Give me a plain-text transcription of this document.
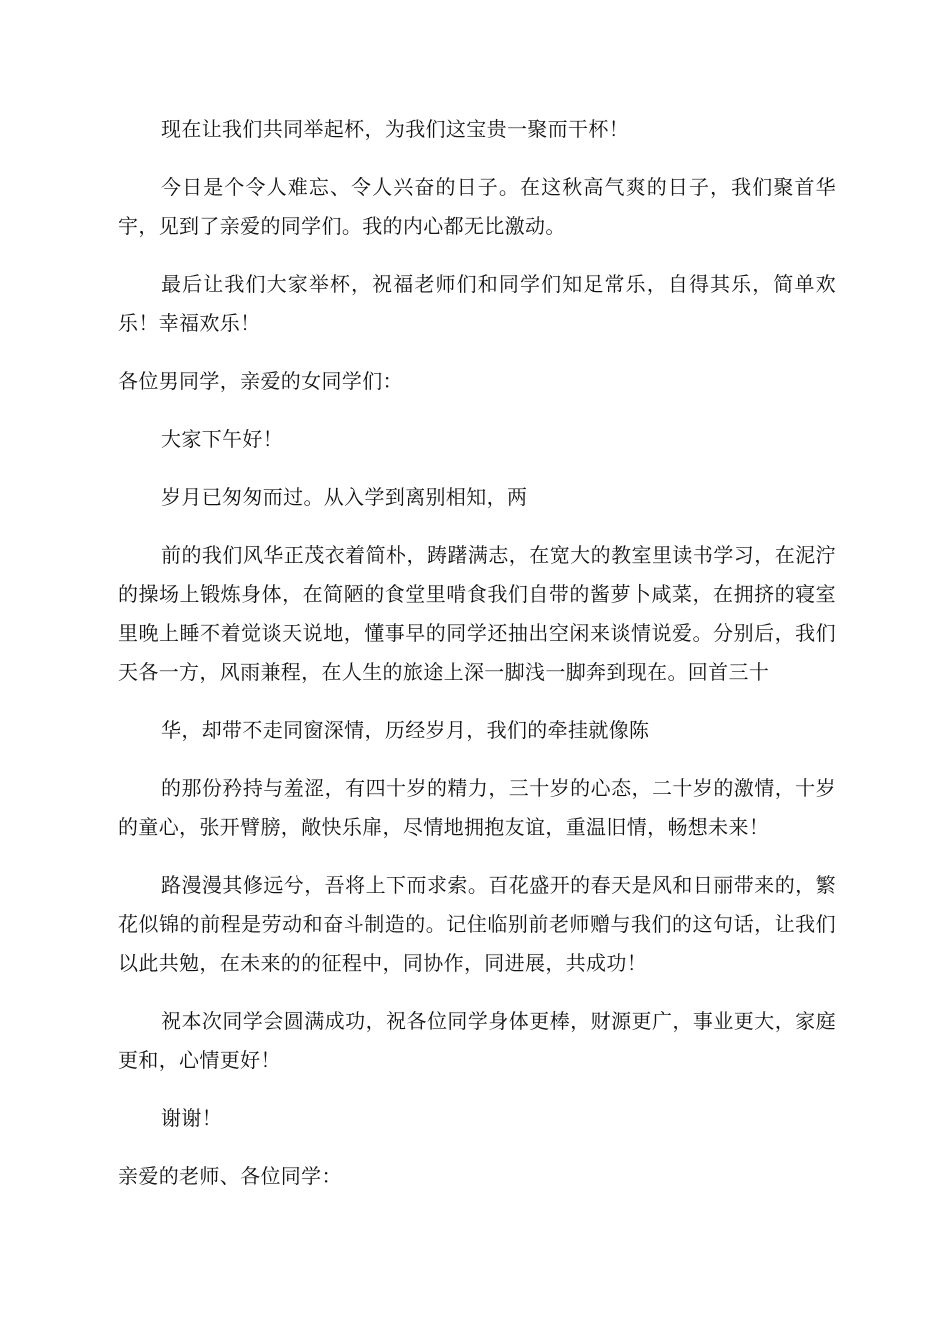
现在让我们共同举起杯，为我们这宝贵一聚而干杯！

今日是个令人难忘、令人兴奋的日子。在这秋高气爽的日子，我们聚首华宇，见到了亲爱的同学们。我的内心都无比激动。

最后让我们大家举杯，祝福老师们和同学们知足常乐，自得其乐，简单欢乐！幸福欢乐！

各位男同学，亲爱的女同学们：

大家下午好！

岁月已匆匆而过。从入学到离别相知，两

前的我们风华正茂衣着简朴，踌躇满志，在宽大的教室里读书学习，在泥泞的操场上锻炼身体，在简陋的食堂里啃食我们自带的酱萝卜咸菜，在拥挤的寝室里晚上睡不着觉谈天说地，懂事早的同学还抽出空闲来谈情说爱。分别后，我们天各一方，风雨兼程，在人生的旅途上深一脚浅一脚奔到现在。回首三十

华，却带不走同窗深情，历经岁月，我们的牵挂就像陈

的那份矜持与羞涩，有四十岁的精力，三十岁的心态，二十岁的激情，十岁的童心，张开臂膀，敞快乐扉，尽情地拥抱友谊，重温旧情，畅想未来！

路漫漫其修远兮，吾将上下而求索。百花盛开的春天是风和日丽带来的，繁花似锦的前程是劳动和奋斗制造的。记住临别前老师赠与我们的这句话，让我们以此共勉，在未来的的征程中，同协作，同进展，共成功！

祝本次同学会圆满成功，祝各位同学身体更棒，财源更广，事业更大，家庭更和，心情更好！

谢谢！

亲爱的老师、各位同学：
